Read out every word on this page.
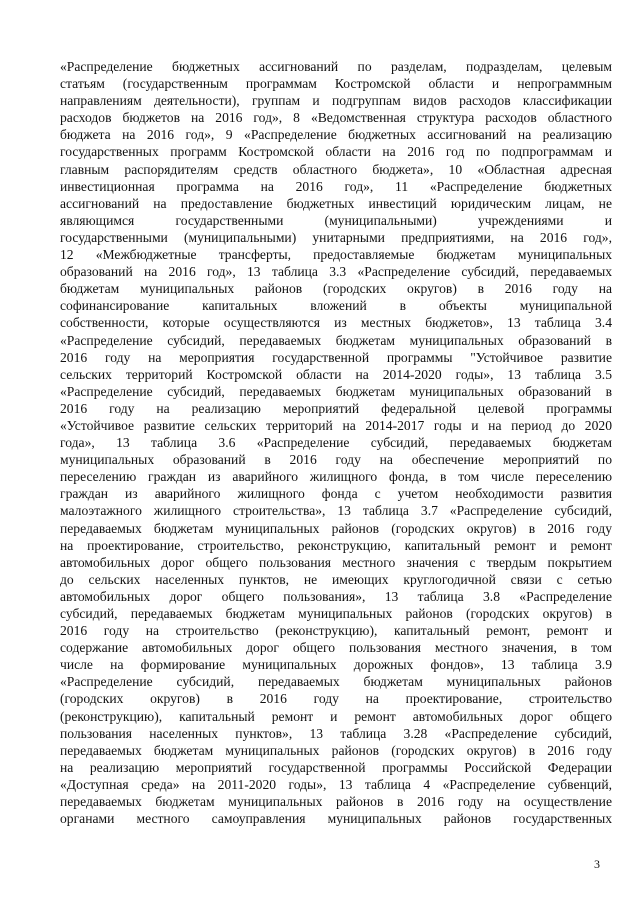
«Распределение бюджетных ассигнований по разделам, подразделам, целевым
статьям (государственным программам Костромской области и непрограммным
направлениям деятельности), группам и подгруппам видов расходов классификации
расходов бюджетов на 2016 год», 8 «Ведомственная структура расходов областного
бюджета на 2016 год», 9 «Распределение бюджетных ассигнований на реализацию
государственных программ Костромской области на 2016 год по подпрограммам и
главным распорядителям средств областного бюджета», 10 «Областная адресная
инвестиционная программа на 2016 год», 11 «Распределение бюджетных
ассигнований на предоставление бюджетных инвестиций юридическим лицам, не
являющимся государственными (муниципальными) учреждениями и
государственными (муниципальными) унитарными предприятиями, на 2016 год»,
12 «Межбюджетные трансферты, предоставляемые бюджетам муниципальных
образований на 2016 год», 13 таблица 3.3 «Распределение субсидий, передаваемых
бюджетам муниципальных районов (городских округов) в 2016 году на
софинансирование капитальных вложений в объекты муниципальной
собственности, которые осуществляются из местных бюджетов», 13 таблица 3.4
«Распределение субсидий, передаваемых бюджетам муниципальных образований в
2016 году на мероприятия государственной программы "Устойчивое развитие
сельских территорий Костромской области на 2014-2020 годы», 13 таблица 3.5
«Распределение субсидий, передаваемых бюджетам муниципальных образований в
2016 году на реализацию мероприятий федеральной целевой программы
«Устойчивое развитие сельских территорий на 2014-2017 годы и на период до 2020
года», 13 таблица 3.6 «Распределение субсидий, передаваемых бюджетам
муниципальных образований в 2016 году на обеспечение мероприятий по
переселению граждан из аварийного жилищного фонда, в том числе переселению
граждан из аварийного жилищного фонда с учетом необходимости развития
малоэтажного жилищного строительства», 13 таблица 3.7 «Распределение субсидий,
передаваемых бюджетам муниципальных районов (городских округов) в 2016 году
на проектирование, строительство, реконструкцию, капитальный ремонт и ремонт
автомобильных дорог общего пользования местного значения с твердым покрытием
до сельских населенных пунктов, не имеющих круглогодичной связи с сетью
автомобильных дорог общего пользования», 13 таблица 3.8 «Распределение
субсидий, передаваемых бюджетам муниципальных районов (городских округов) в
2016 году на строительство (реконструкцию), капитальный ремонт, ремонт и
содержание автомобильных дорог общего пользования местного значения, в том
числе на формирование муниципальных дорожных фондов», 13 таблица 3.9
«Распределение субсидий, передаваемых бюджетам муниципальных районов
(городских округов) в 2016 году на проектирование, строительство
(реконструкцию), капитальный ремонт и ремонт автомобильных дорог общего
пользования населенных пунктов», 13 таблица 3.28 «Распределение субсидий,
передаваемых бюджетам муниципальных районов (городских округов) в 2016 году
на реализацию мероприятий государственной программы Российской Федерации
«Доступная среда» на 2011-2020 годы», 13 таблица 4 «Распределение субвенций,
передаваемых бюджетам муниципальных районов в 2016 году на осуществление
органами местного самоуправления муниципальных районов государственных

3
